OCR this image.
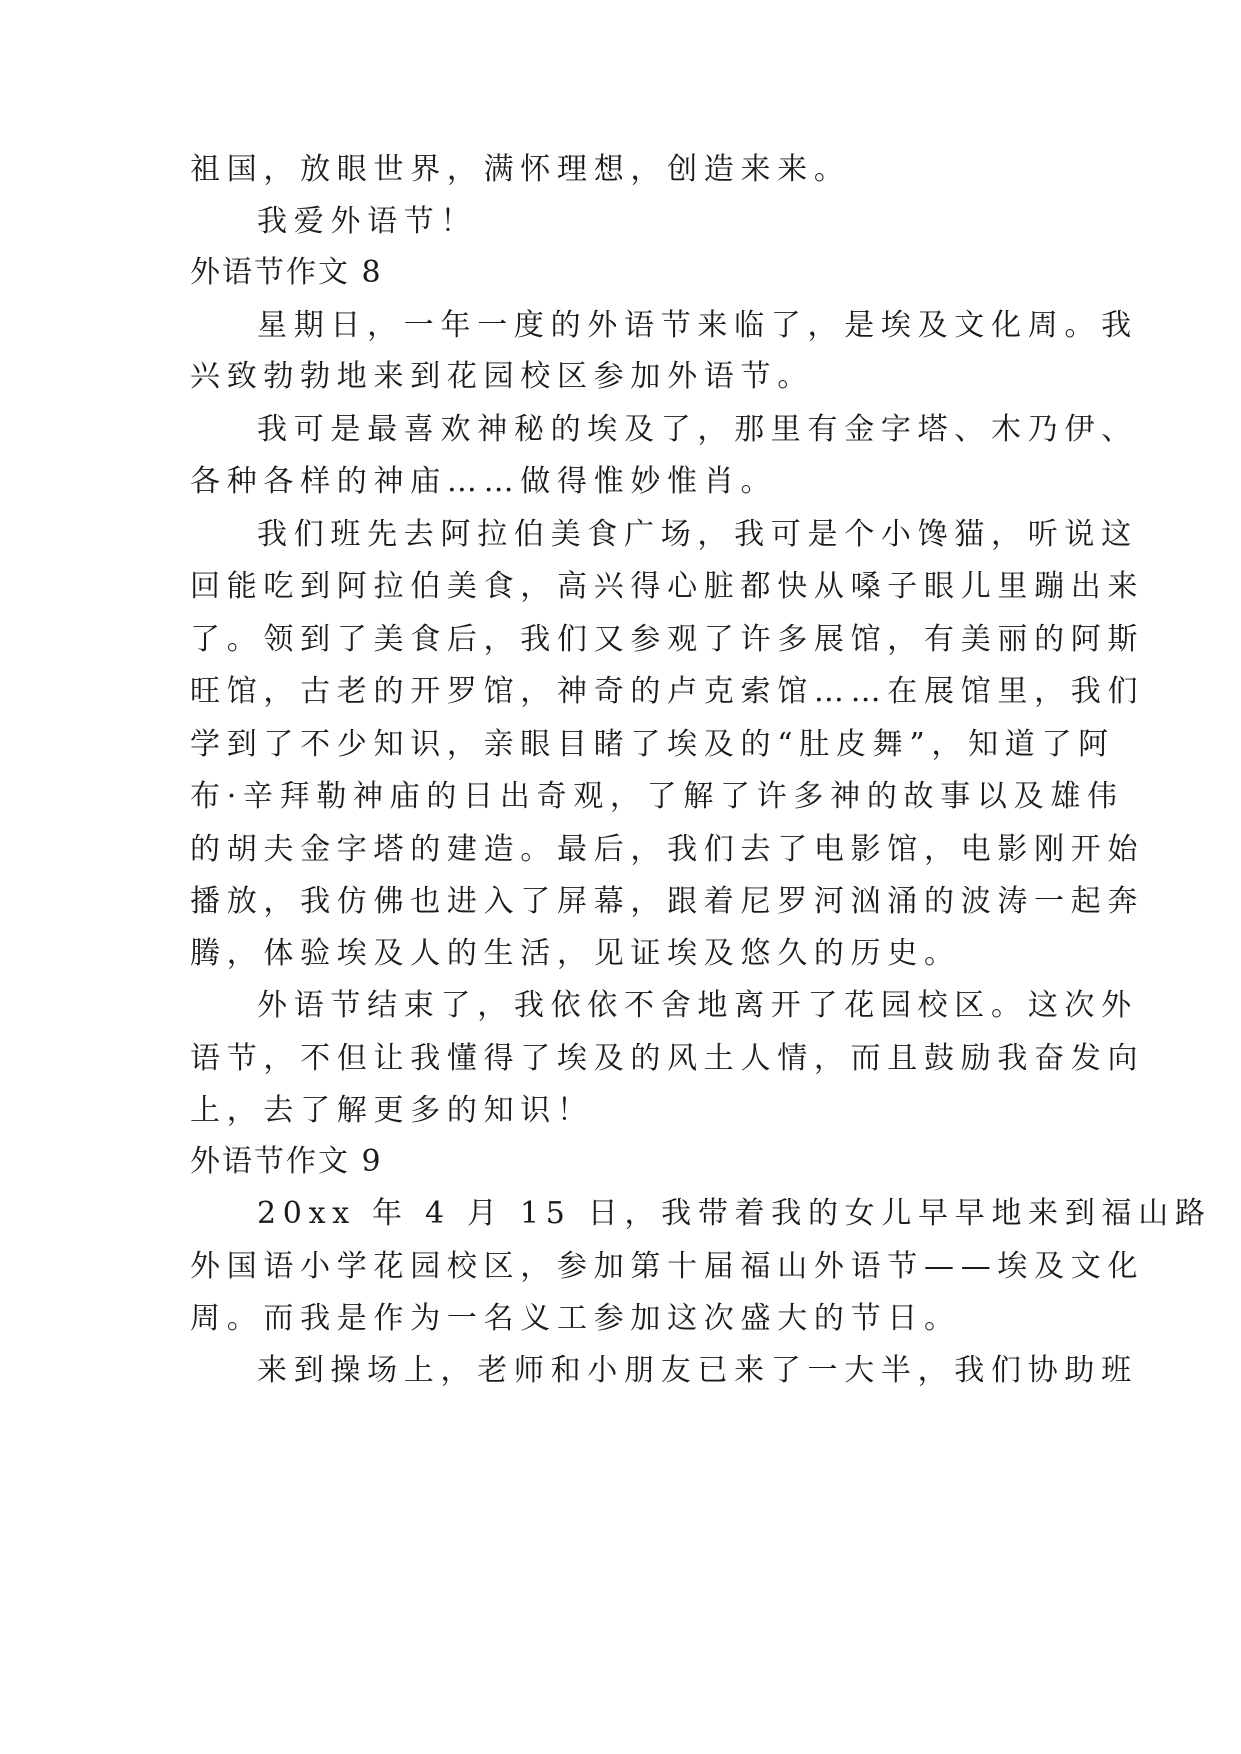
祖国，放眼世界，满怀理想，创造来来。
我爱外语节！
外语节作文 8
星期日，一年一度的外语节来临了，是埃及文化周。我
兴致勃勃地来到花园校区参加外语节。
我可是最喜欢神秘的埃及了，那里有金字塔、木乃伊、
各种各样的神庙……做得惟妙惟肖。
我们班先去阿拉伯美食广场，我可是个小馋猫，听说这
回能吃到阿拉伯美食，高兴得心脏都快从嗓子眼儿里蹦出来
了。领到了美食后，我们又参观了许多展馆，有美丽的阿斯
旺馆，古老的开罗馆，神奇的卢克索馆……在展馆里，我们
学到了不少知识，亲眼目睹了埃及的“肚皮舞”，知道了阿
布·辛拜勒神庙的日出奇观，了解了许多神的故事以及雄伟
的胡夫金字塔的建造。最后，我们去了电影馆，电影刚开始
播放，我仿佛也进入了屏幕，跟着尼罗河汹涌的波涛一起奔
腾，体验埃及人的生活，见证埃及悠久的历史。
外语节结束了，我依依不舍地离开了花园校区。这次外
语节，不但让我懂得了埃及的风土人情，而且鼓励我奋发向
上，去了解更多的知识！
外语节作文 9
20xx 年 4 月 15 日，我带着我的女儿早早地来到福山路
外国语小学花园校区，参加第十届福山外语节——埃及文化
周。而我是作为一名义工参加这次盛大的节日。
来到操场上，老师和小朋友已来了一大半，我们协助班
